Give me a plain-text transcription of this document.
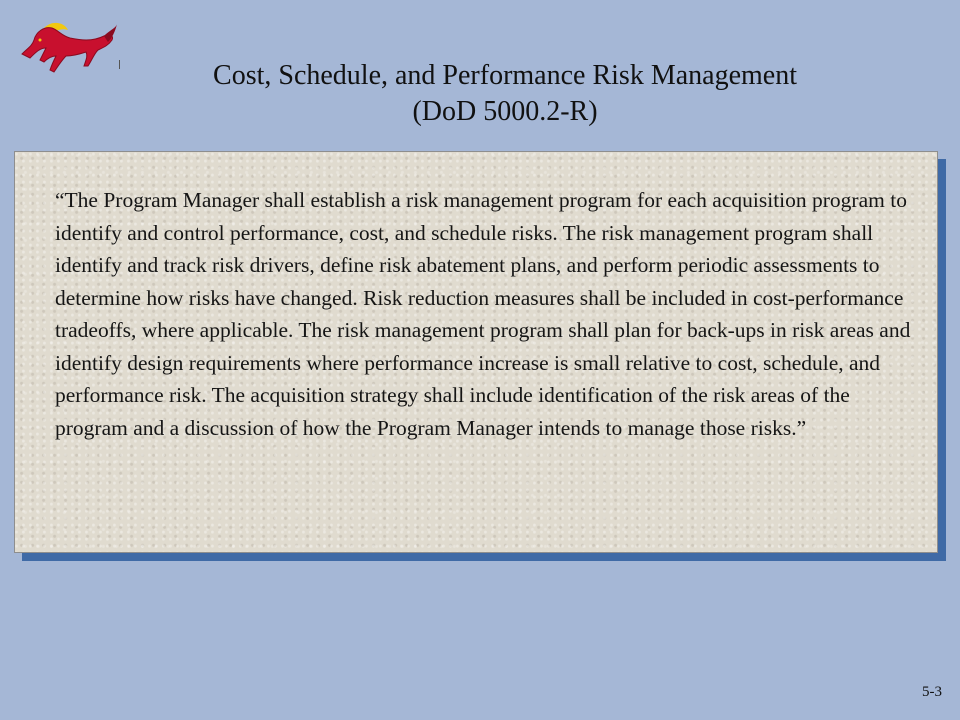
Cost, Schedule, and Performance Risk Management
(DoD 5000.2-R)

“The Program Manager shall establish a risk management program for each acquisition program to identify and control performance, cost, and schedule risks. The risk management program shall identify and track risk drivers, define risk abatement plans, and perform periodic assessments to determine how risks have changed. Risk reduction measures shall be included in cost-performance tradeoffs, where applicable. The risk management program shall plan for back-ups in risk areas and identify design requirements where performance increase is small relative to cost, schedule, and performance risk. The acquisition strategy shall include identification of the risk areas of the program and a discussion of how the Program Manager intends to manage those risks.”

5-3
